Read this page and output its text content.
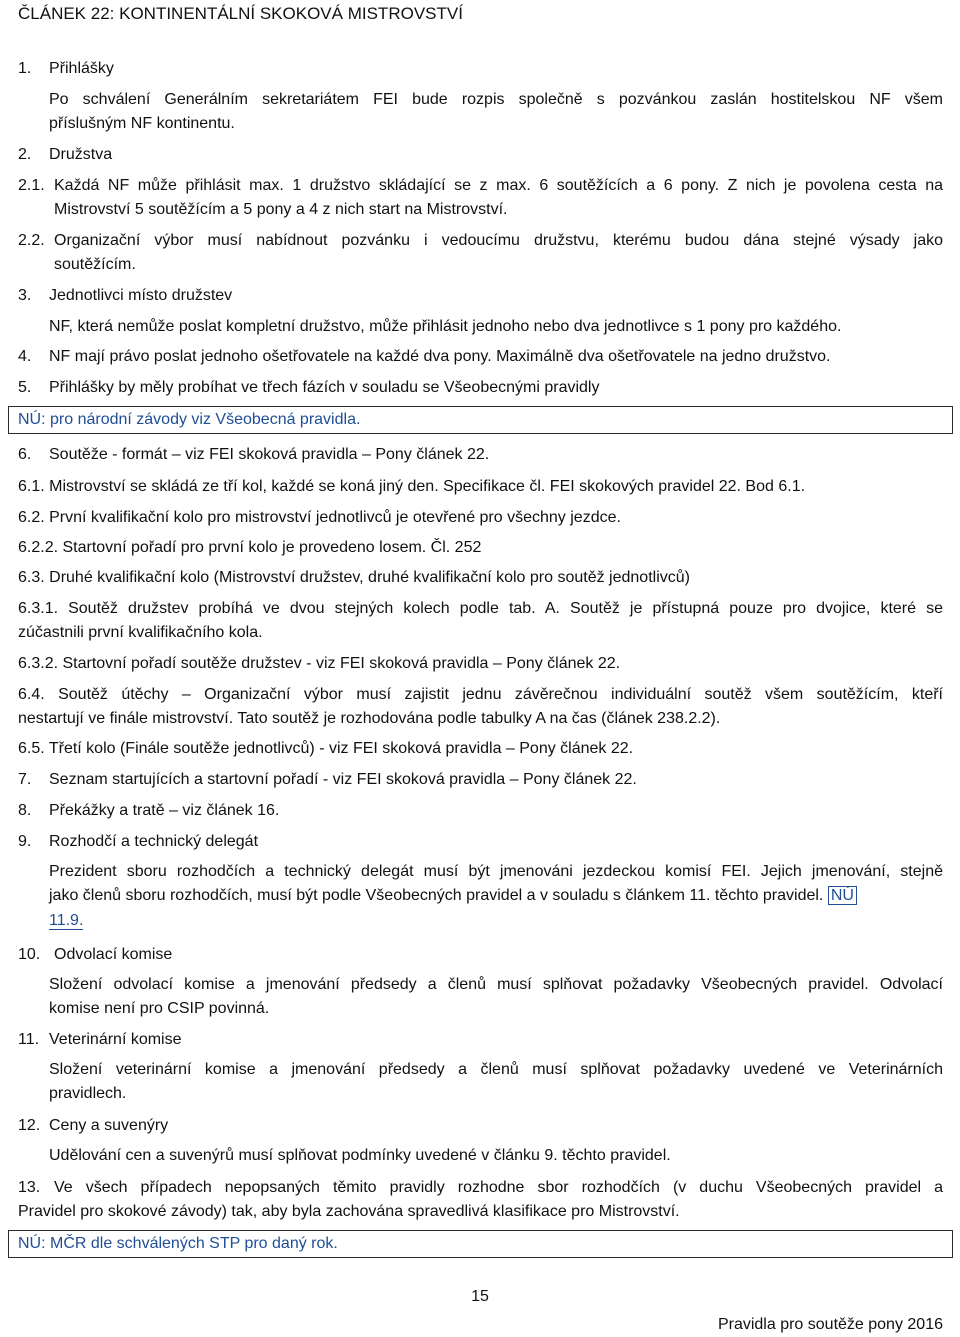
ČLÁNEK 22: KONTINENTÁLNÍ SKOKOVÁ MISTROVSTVÍ
1. Přihlášky
Po schválení Generálním sekretariátem FEI bude rozpis společně s pozvánkou zaslán hostitelskou NF všem
příslušným NF kontinentu.
2. Družstva
2.1. Každá NF může přihlásit max. 1 družstvo skládající se z max. 6 soutěžících a 6 pony. Z nich je povolena cesta na
Mistrovství 5 soutěžícím a 5 pony a 4 z nich start na Mistrovství.
2.2. Organizační výbor musí nabídnout pozvánku i vedoucímu družstvu, kterému budou dána stejné výsady jako
soutěžícím.
3. Jednotlivci místo družstev
NF, která nemůže poslat kompletní družstvo, může přihlásit jednoho nebo dva jednotlivce s 1 pony pro každého.
4. NF mají právo poslat jednoho ošetřovatele na každé dva pony. Maximálně dva ošetřovatele na jedno družstvo.
5. Přihlášky by měly probíhat ve třech fázích v souladu se Všeobecnými pravidly
NÚ: pro národní závody viz Všeobecná pravidla.
6. Soutěže - formát – viz FEI skoková pravidla – Pony článek 22.
6.1. Mistrovství se skládá ze tří kol, každé se koná jiný den. Specifikace čl. FEI skokových pravidel 22. Bod 6.1.
6.2. První kvalifikační kolo pro mistrovství jednotlivců je otevřené pro všechny jezdce.
6.2.2. Startovní pořadí pro první kolo je provedeno losem. Čl. 252
6.3. Druhé kvalifikační kolo (Mistrovství družstev, druhé kvalifikační kolo pro soutěž jednotlivců)
6.3.1. Soutěž družstev probíhá ve dvou stejných kolech podle tab. A. Soutěž je přístupná pouze pro dvojice, které se
zúčastnili první kvalifikačního kola.
6.3.2. Startovní pořadí soutěže družstev - viz FEI skoková pravidla – Pony článek 22.
6.4. Soutěž útěchy – Organizační výbor musí zajistit jednu závěrečnou individuální soutěž všem soutěžícím, kteří
nestartují ve finále mistrovství. Tato soutěž je rozhodována podle tabulky A na čas (článek 238.2.2).
6.5. Třetí kolo (Finále soutěže jednotlivců) - viz FEI skoková pravidla – Pony článek 22.
7. Seznam startujících a startovní pořadí - viz FEI skoková pravidla – Pony článek 22.
8. Překážky a tratě – viz článek 16.
9. Rozhodčí a technický delegát
Prezident sboru rozhodčích a technický delegát musí být jmenováni jezdeckou komisí FEI. Jejich jmenování, stejně
jako členů sboru rozhodčích, musí být podle Všeobecných pravidel a v souladu s článkem 11. těchto pravidel. NÚ
11.9.
10. Odvolací komise
Složení odvolací komise a jmenování předsedy a členů musí splňovat požadavky Všeobecných pravidel. Odvolací
komise není pro CSIP povinná.
11. Veterinární komise
Složení veterinární komise a jmenování předsedy a členů musí splňovat požadavky uvedené ve Veterinárních
pravidlech.
12. Ceny a suvenýry
Udělování cen a suvenýrů musí splňovat podmínky uvedené v článku 9. těchto pravidel.
13. Ve všech případech nepopsaných těmito pravidly rozhodne sbor rozhodčích (v duchu Všeobecných pravidel a
Pravidel pro skokové závody) tak, aby byla zachována spravedlivá klasifikace pro Mistrovství.
NÚ: MČR dle schválených STP pro daný rok.
15
Pravidla pro soutěže pony 2016
